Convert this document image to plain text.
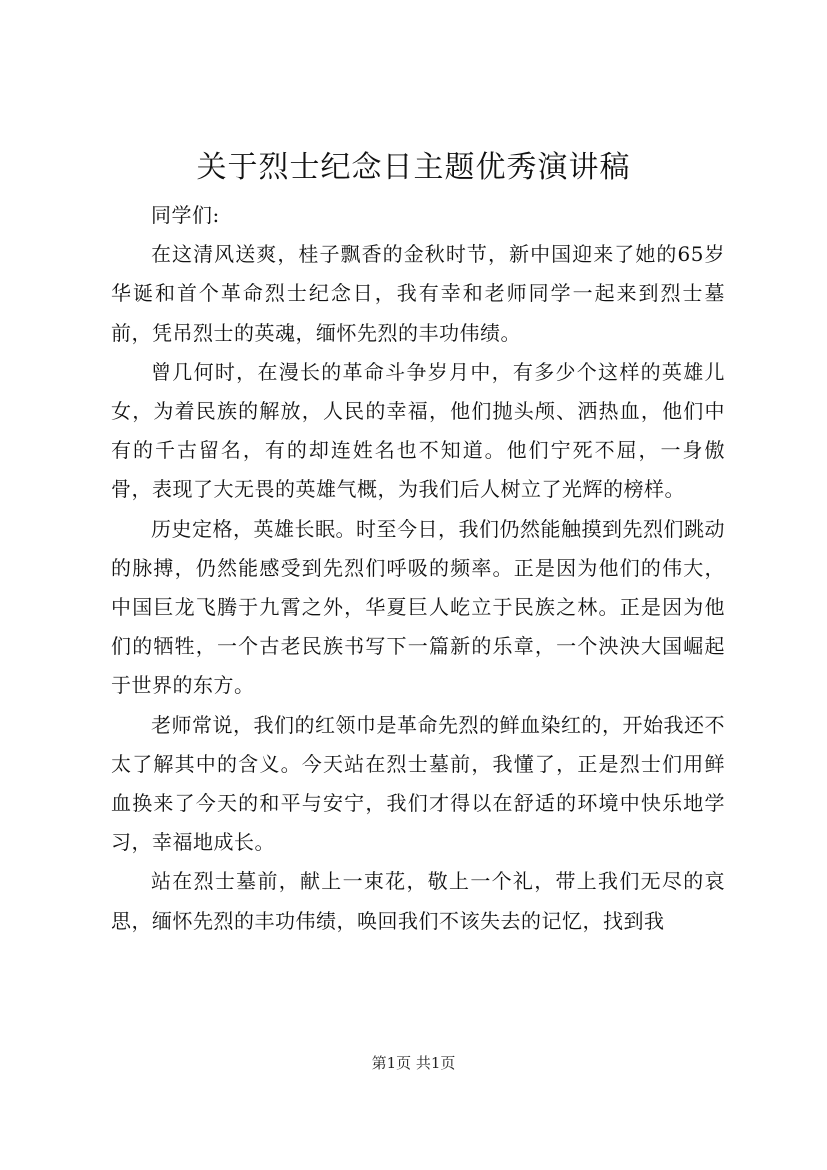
关于烈士纪念日主题优秀演讲稿

同学们:

在这清风送爽，桂子飘香的金秋时节，新中国迎来了她的65岁华诞和首个革命烈士纪念日，我有幸和老师同学一起来到烈士墓前，凭吊烈士的英魂，缅怀先烈的丰功伟绩。

曾几何时，在漫长的革命斗争岁月中，有多少个这样的英雄儿女，为着民族的解放，人民的幸福，他们抛头颅、洒热血，他们中有的千古留名，有的却连姓名也不知道。他们宁死不屈，一身傲骨，表现了大无畏的英雄气概，为我们后人树立了光辉的榜样。

历史定格，英雄长眠。时至今日，我们仍然能触摸到先烈们跳动的脉搏，仍然能感受到先烈们呼吸的频率。正是因为他们的伟大，中国巨龙飞腾于九霄之外，华夏巨人屹立于民族之林。正是因为他们的牺牲，一个古老民族书写下一篇新的乐章，一个泱泱大国崛起于世界的东方。

老师常说，我们的红领巾是革命先烈的鲜血染红的，开始我还不太了解其中的含义。今天站在烈士墓前，我懂了，正是烈士们用鲜血换来了今天的和平与安宁，我们才得以在舒适的环境中快乐地学习，幸福地成长。

站在烈士墓前，献上一束花，敬上一个礼，带上我们无尽的哀思，缅怀先烈的丰功伟绩，唤回我们不该失去的记忆，找到我

第1页 共1页
